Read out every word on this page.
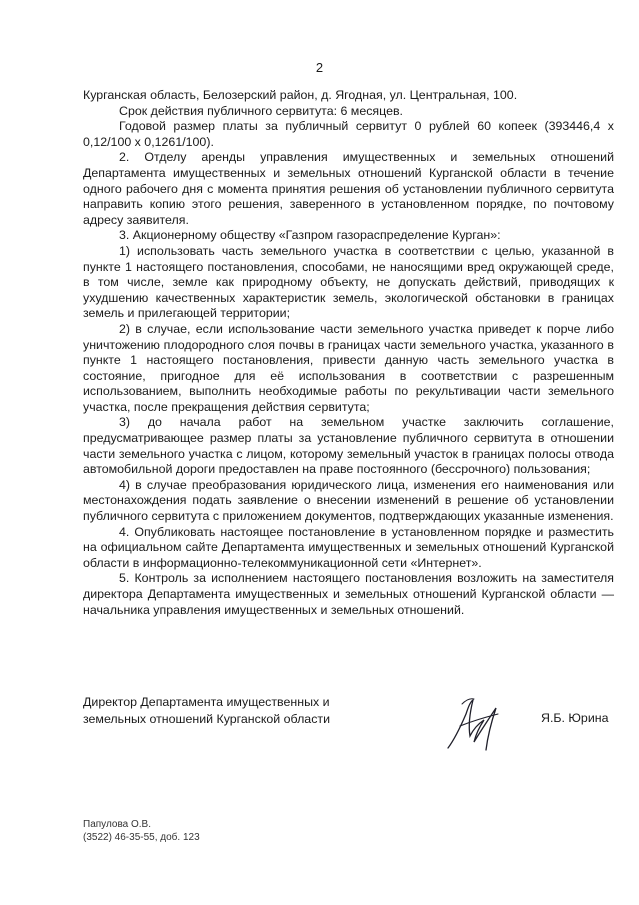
2

Курганская область, Белозерский район, д. Ягодная, ул. Центральная, 100.

Срок действия публичного сервитута: 6 месяцев.

Годовой размер платы за публичный сервитут 0 рублей 60 копеек (393446,4 х 0,12/100 х 0,1261/100).

2. Отделу аренды управления имущественных и земельных отношений Департамента имущественных и земельных отношений Курганской области в течение одного рабочего дня с момента принятия решения об установлении публичного сервитута направить копию этого решения, заверенного в установленном порядке, по почтовому адресу заявителя.

3. Акционерному обществу «Газпром газораспределение Курган»:

1) использовать часть земельного участка в соответствии с целью, указанной в пункте 1 настоящего постановления, способами, не наносящими вред окружающей среде, в том числе, земле как природному объекту, не допускать действий, приводящих к ухудшению качественных характеристик земель, экологической обстановки в границах земель и прилегающей территории;

2) в случае, если использование части земельного участка приведет к порче либо уничтожению плодородного слоя почвы в границах части земельного участка, указанного в пункте 1 настоящего постановления, привести данную часть земельного участка в состояние, пригодное для её использования в соответствии с разрешенным использованием, выполнить необходимые работы по рекультивации части земельного участка, после прекращения действия сервитута;

3) до начала работ на земельном участке заключить соглашение, предусматривающее размер платы за установление публичного сервитута в отношении части земельного участка с лицом, которому земельный участок в границах полосы отвода автомобильной дороги предоставлен на праве постоянного (бессрочного) пользования;

4) в случае преобразования юридического лица, изменения его наименования или местонахождения подать заявление о внесении изменений в решение об установлении публичного сервитута с приложением документов, подтверждающих указанные изменения.

4. Опубликовать настоящее постановление в установленном порядке и разместить на официальном сайте Департамента имущественных и земельных отношений Курганской области в информационно-телекоммуникационной сети «Интернет».

5. Контроль за исполнением настоящего постановления возложить на заместителя директора Департамента имущественных и земельных отношений Курганской области — начальника управления имущественных и земельных отношений.

Директор Департамента имущественных и
земельных отношений Курганской области	Я.Б. Юрина
Папулова О.В.
(3522) 46-35-55, доб. 123
